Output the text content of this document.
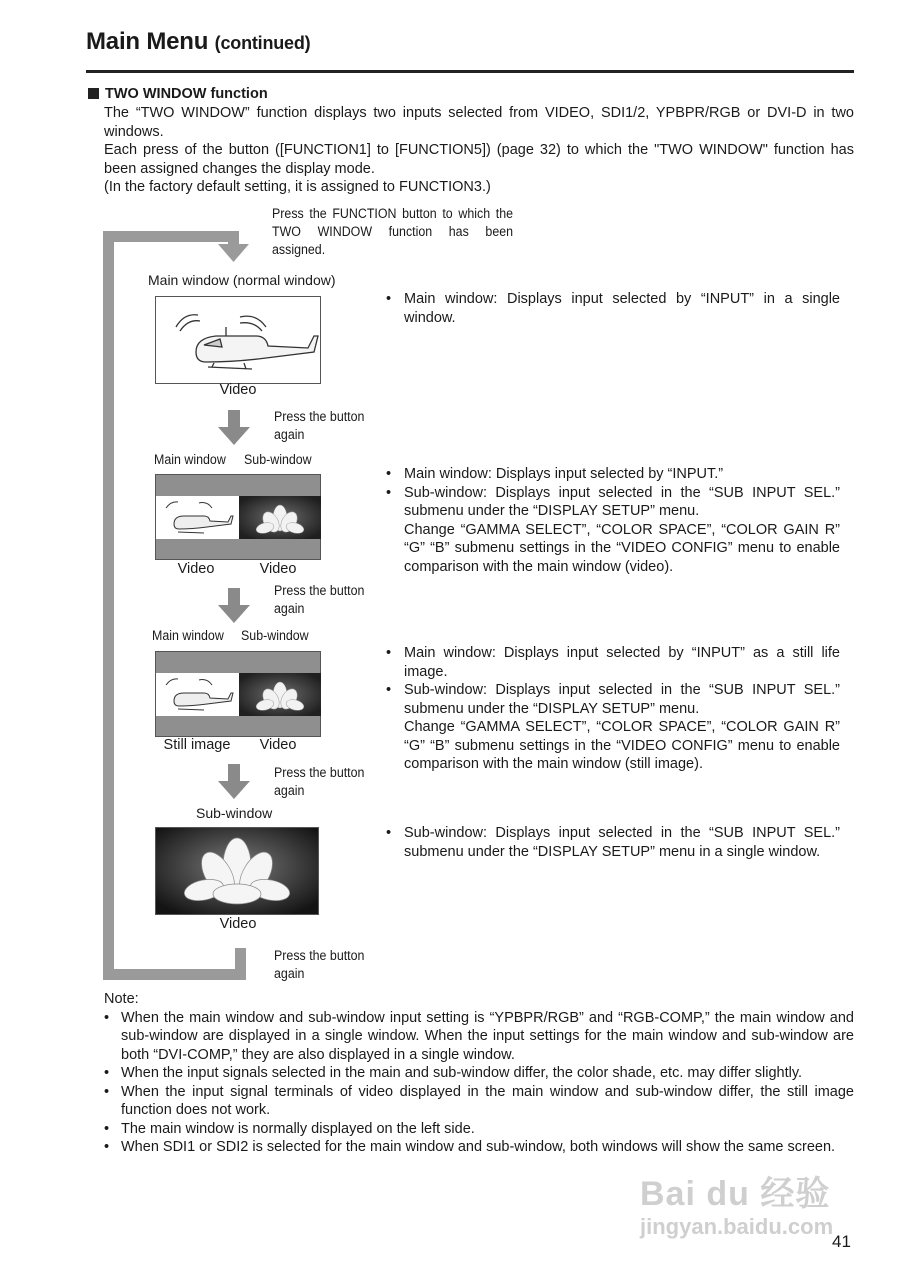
Main Menu (continued)
TWO WINDOW function
The “TWO WINDOW” function displays two inputs selected from VIDEO, SDI1/2, YPBPR/RGB or DVI-D in two windows.
Each press of the button ([FUNCTION1] to [FUNCTION5]) (page 32) to which the "TWO WINDOW" function has been assigned changes the display mode.
(In the factory default setting, it is assigned to FUNCTION3.)
Press the FUNCTION button to which the TWO WINDOW function has been assigned.
Press the button again
Press the button again
Press the button again
Press the button again
Main window (normal window)
Video
• Main window: Displays input selected by “INPUT” in a single window.
Main window Sub-window
Video	Video
• Main window: Displays input selected by “INPUT.”
• Sub-window: Displays input selected in the “SUB INPUT SEL.” submenu under the “DISPLAY SETUP” menu.
Change “GAMMA SELECT”, “COLOR SPACE”, “COLOR GAIN R” “G” “B” submenu settings in the “VIDEO CONFIG” menu to enable comparison with the main window (video).
Main window Sub-window
Still image	Video
• Main window: Displays input selected by “INPUT” as a still life image.
• Sub-window: Displays input selected in the “SUB INPUT SEL.” submenu under the “DISPLAY SETUP” menu.
Change “GAMMA SELECT”, “COLOR SPACE”, “COLOR GAIN R” “G” “B” submenu settings in the “VIDEO CONFIG” menu to enable comparison with the main window (still image).
Sub-window
Video
• Sub-window: Displays input selected in the “SUB INPUT SEL.” submenu under the “DISPLAY SETUP” menu in a single window.
Note:
• When the main window and sub-window input setting is “YPBPR/RGB” and “RGB-COMP,” the main window and sub-window are displayed in a single window. When the input settings for the main window and sub-window are both “DVI-COMP,” they are also displayed in a single window.
• When the input signals selected in the main and sub-window differ, the color shade, etc. may differ slightly.
• When the input signal terminals of video displayed in the main window and sub-window differ, the still image function does not work.
• The main window is normally displayed on the left side.
• When SDI1 or SDI2 is selected for the main window and sub-window, both windows will show the same screen.
Bai du 经验
jingyan.baidu.com
41
